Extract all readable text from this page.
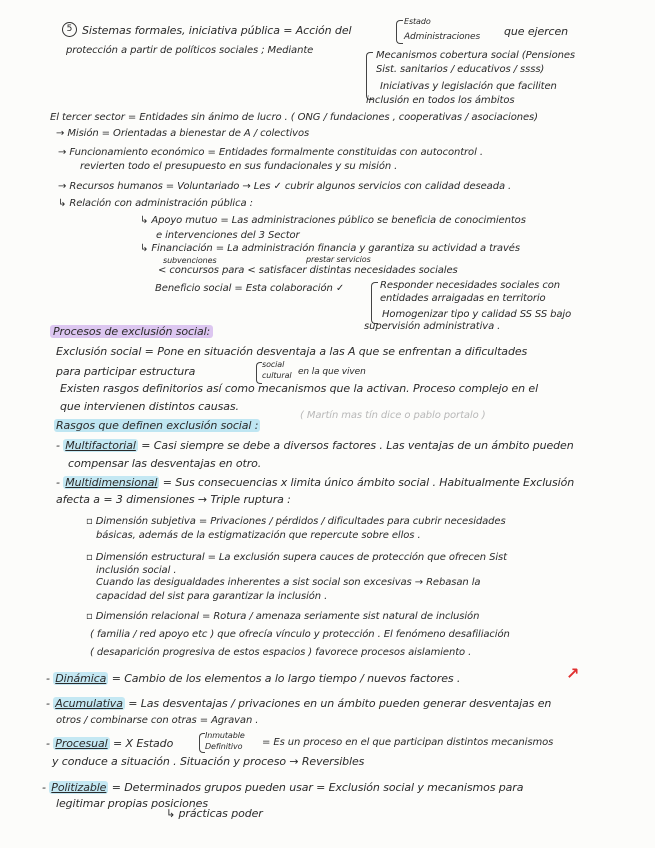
5 Sistemas formales, iniciativa pública = Acción del
Estado
Administraciones que ejercen
protección a partir de políticos sociales ; Mediante	Mecanismos cobertura social (Pensiones
Sist. sanitarios / educativos / ssss)
Iniciativas y legislación que faciliten
inclusión en todos los ámbitos
El tercer sector = Entidades sin ánimo de lucro . ( ONG / fundaciones , cooperativas / asociaciones)
→ Misión = Orientadas a bienestar de A / colectivos
→ Funcionamiento económico = Entidades formalmente constituidas con autocontrol .
revierten todo el presupuesto en sus fundacionales y su misión .
→ Recursos humanos = Voluntariado → Les ✓ cubrir algunos servicios con calidad deseada .
↳ Relación con administración pública :
↳ Apoyo mutuo = Las administraciones público se beneficia de conocimientos
e intervenciones del 3 Sector
↳ Financiación = La administración financia y garantiza su actividad a través
subvenciones	prestar servicios
< concursos para < satisfacer distintas necesidades sociales
Beneficio social = Esta colaboración ✓	Responder necesidades sociales con
entidades arraigadas en territorio
Homogenizar tipo y calidad SS SS bajo
supervisión administrativa .
Procesos de exclusión social:
Exclusión social = Pone en situación desventaja a las A que se enfrentan a dificultades
para participar estructura
social
cultural en la que viven
Existen rasgos definitorios así como mecanismos que la activan. Proceso complejo en el
que intervienen distintos causas.
Rasgos que definen exclusión social :
( Martín mas tín dice o pablo portalo )
- Multifactorial = Casi siempre se debe a diversos factores . Las ventajas de un ámbito pueden
compensar las desventajas en otro.
- Multidimensional = Sus consecuencias x limita único ámbito social . Habitualmente Exclusión
afecta a = 3 dimensiones → Triple ruptura :
▫ Dimensión subjetiva = Privaciones / pérdidos / dificultades para cubrir necesidades
básicas, además de la estigmatización que repercute sobre ellos .
▫ Dimensión estructural = La exclusión supera cauces de protección que ofrecen Sist
inclusión social .
Cuando las desigualdades inherentes a sist social son excesivas → Rebasan la
capacidad del sist para garantizar la inclusión .
▫ Dimensión relacional = Rotura / amenaza seriamente sist natural de inclusión
( familia / red apoyo etc ) que ofrecía vínculo y protección . El fenómeno desafiliación
( desaparición progresiva de estos espacios ) favorece procesos aislamiento .
- Dinámica = Cambio de los elementos a lo largo tiempo / nuevos factores .	↗
- Acumulativa = Las desventajas / privaciones en un ámbito pueden generar desventajas en
otros / combinarse con otras = Agravan .
- Procesual = X Estado
Inmutable
Definitivo = Es un proceso en el que participan distintos mecanismos
y conduce a situación . Situación y proceso → Reversibles
- Politizable = Determinados grupos pueden usar = Exclusión social y mecanismos para
legitimar propias posiciones
↳ prácticas poder
